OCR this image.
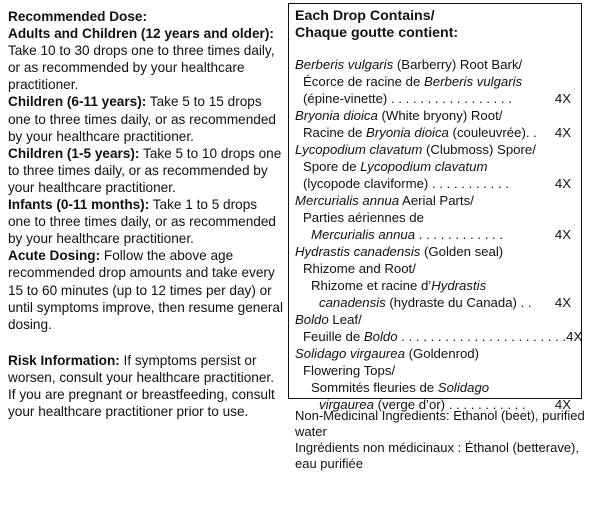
Recommended Dose:

Adults and Children (12 years and older): Take 10 to 30 drops one to three times daily, or as recommended by your healthcare practitioner.

Children (6-11 years): Take 5 to 15 drops one to three times daily, or as recommended by your healthcare practitioner.

Children (1-5 years): Take 5 to 10 drops one to three times daily, or as recommended by your healthcare practitioner.

Infants (0-11 months): Take 1 to 5 drops one to three times daily, or as recommended by your healthcare practitioner.

Acute Dosing: Follow the above age recommended drop amounts and take every 15 to 60 minutes (up to 12 times per day) or until symptoms improve, then resume general dosing.

Risk Information: If symptoms persist or worsen, consult your healthcare practitioner. If you are pregnant or breastfeeding, consult your healthcare practitioner prior to use.

Each Drop Contains/
Chaque goutte contient:
Berberis vulgaris (Barberry) Root Bark/
Écorce de racine de Berberis vulgaris
(épine-vinette) . . . . . . . . . . . . . . . . .	4X
Bryonia dioica (White bryony) Root/
Racine de Bryonia dioica (couleuvrée). . 4X
Lycopodium clavatum (Clubmoss) Spore/
Spore de Lycopodium clavatum
(lycopode claviforme) . . . . . . . . . . .	4X
Mercurialis annua Aerial Parts/
Parties aériennes de
Mercurialis annua . . . . . . . . . . . .	4X
Hydrastis canadensis (Golden seal)
Rhizome and Root/
Rhizome et racine d’Hydrastis
canadensis (hydraste du Canada) . . 4X
Boldo Leaf/
Feuille de Boldo . . . . . . . . . . . . . . . . . . . . . . . 4X
Solidago virgaurea (Goldenrod)
Flowering Tops/
Sommités fleuries de Solidago
virgaurea (verge d’or) . . . . . . . . . . . 4X

Non-Medicinal Ingredients: Ethanol (beet), purified water

Ingrédients non médicinaux : Éthanol (betterave), eau purifiée
